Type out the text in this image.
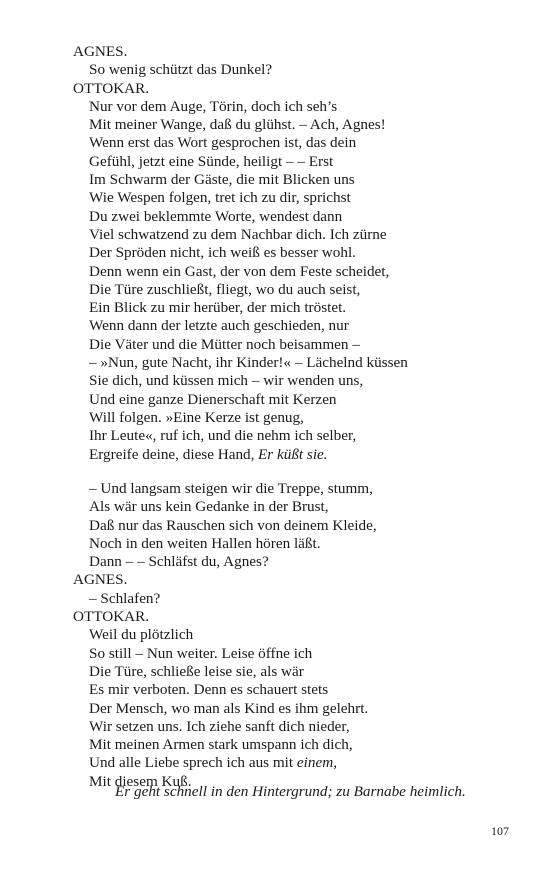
AGNES.
So wenig schützt das Dunkel?
OTTOKAR.
Nur vor dem Auge, Törin, doch ich seh’s
Mit meiner Wange, daß du glühst. – Ach, Agnes!
Wenn erst das Wort gesprochen ist, das dein
Gefühl, jetzt eine Sünde, heiligt – – Erst
Im Schwarm der Gäste, die mit Blicken uns
Wie Wespen folgen, tret ich zu dir, sprichst
Du zwei beklemmte Worte, wendest dann
Viel schwatzend zu dem Nachbar dich. Ich zürne
Der Spröden nicht, ich weiß es besser wohl.
Denn wenn ein Gast, der von dem Feste scheidet,
Die Türe zuschließt, fliegt, wo du auch seist,
Ein Blick zu mir herüber, der mich tröstet.
Wenn dann der letzte auch geschieden, nur
Die Väter und die Mütter noch beisammen –
– »Nun, gute Nacht, ihr Kinder!« – Lächelnd küssen
Sie dich, und küssen mich – wir wenden uns,
Und eine ganze Dienerschaft mit Kerzen
Will folgen. »Eine Kerze ist genug,
Ihr Leute«, ruf ich, und die nehm ich selber,
Ergreife deine, diese Hand, Er küßt sie.
– Und langsam steigen wir die Treppe, stumm,
Als wär uns kein Gedanke in der Brust,
Daß nur das Rauschen sich von deinem Kleide,
Noch in den weiten Hallen hören läßt.
Dann – – Schläfst du, Agnes?
AGNES.
– Schlafen?
OTTOKAR.
Weil du plötzlich
So still – Nun weiter. Leise öffne ich
Die Türe, schließe leise sie, als wär
Es mir verboten. Denn es schauert stets
Der Mensch, wo man als Kind es ihm gelehrt.
Wir setzen uns. Ich ziehe sanft dich nieder,
Mit meinen Armen stark umspann ich dich,
Und alle Liebe sprech ich aus mit einem,
Mit diesem Kuß.
Er geht schnell in den Hintergrund; zu Barnabe heimlich.
107
